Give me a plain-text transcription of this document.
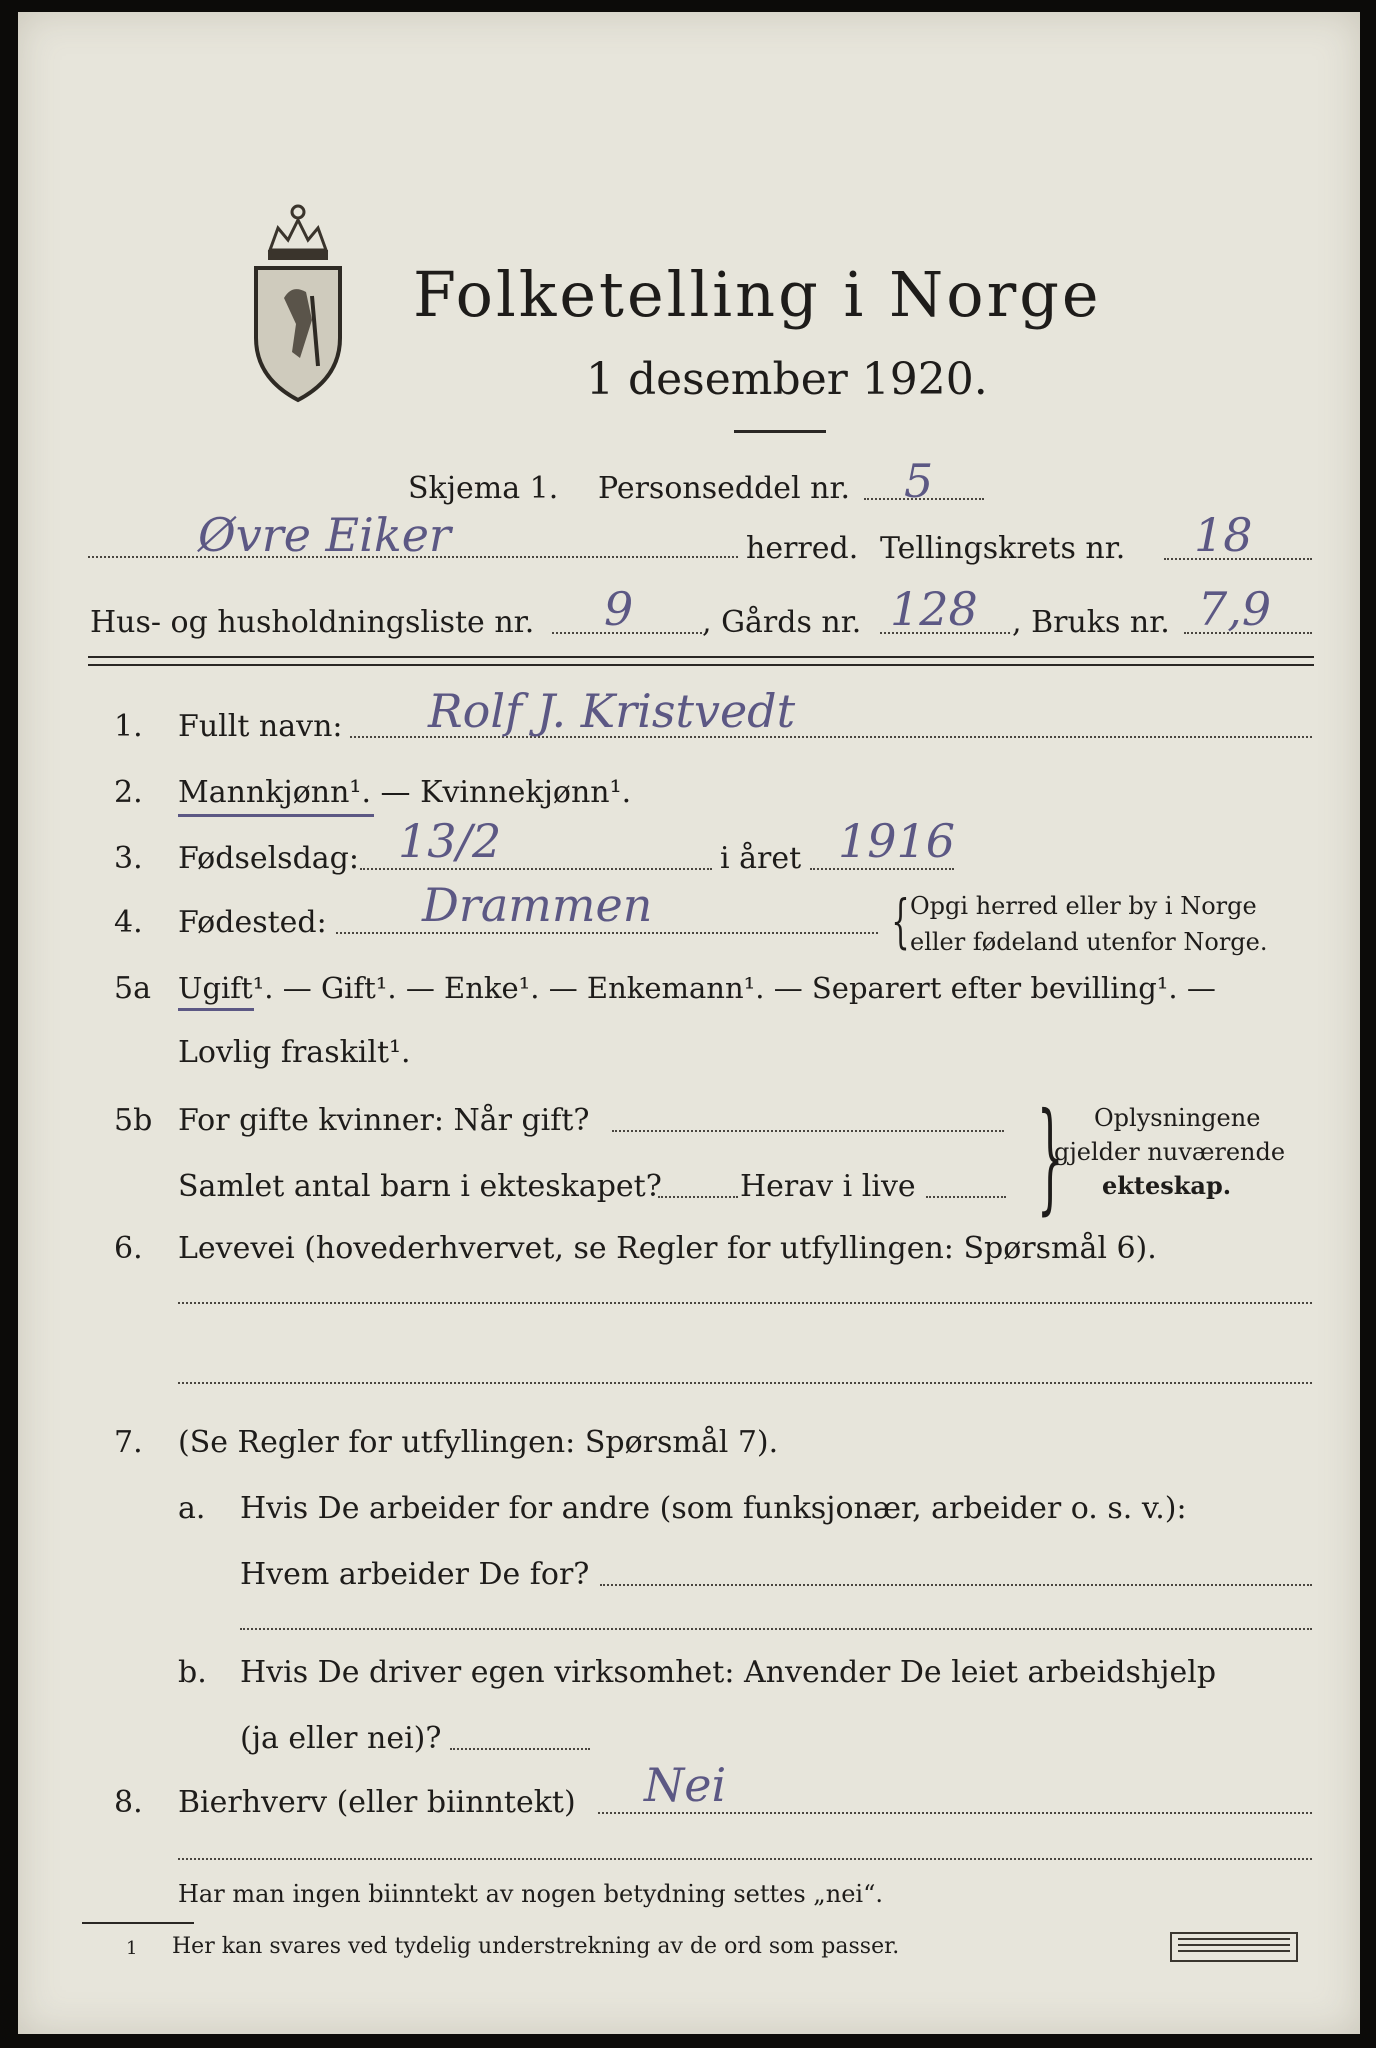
Folketelling i Norge
1 desember 1920.
Skjema 1. Personseddel nr. 5
Øvre Eiker	herred. Tellingskrets nr. 18
Hus- og husholdningsliste nr. 9 , Gårds nr. 128 , Bruks nr. 7,9
1. Fullt navn: Rolf J. Kristvedt
2. Mannkjønn¹. — Kvinnekjønn¹.
3. Fødselsdag: 13/2	i året 1916
4. Fødested: Drammen	{ Opgi herred eller by i Norge
eller fødeland utenfor Norge.
5a Ugift¹. — Gift¹. — Enke¹. — Enkemann¹. — Separert efter bevilling¹. —
Lovlig fraskilt¹.
5b For gifte kvinner: Når gift?
Samlet antal barn i ekteskapet?	Herav i live } Oplysningene
gjelder nuværende
ekteskap.
6. Levevei (hovederhvervet, se Regler for utfyllingen: Spørsmål 6).
7. (Se Regler for utfyllingen: Spørsmål 7).
a. Hvis De arbeider for andre (som funksjonær, arbeider o. s. v.):
Hvem arbeider De for?
b. Hvis De driver egen virksomhet: Anvender De leiet arbeidshjelp
(ja eller nei)?
8. Bierhverv (eller biinntekt) Nei
Har man ingen biinntekt av nogen betydning settes „nei“.
1 Her kan svares ved tydelig understrekning av de ord som passer.
